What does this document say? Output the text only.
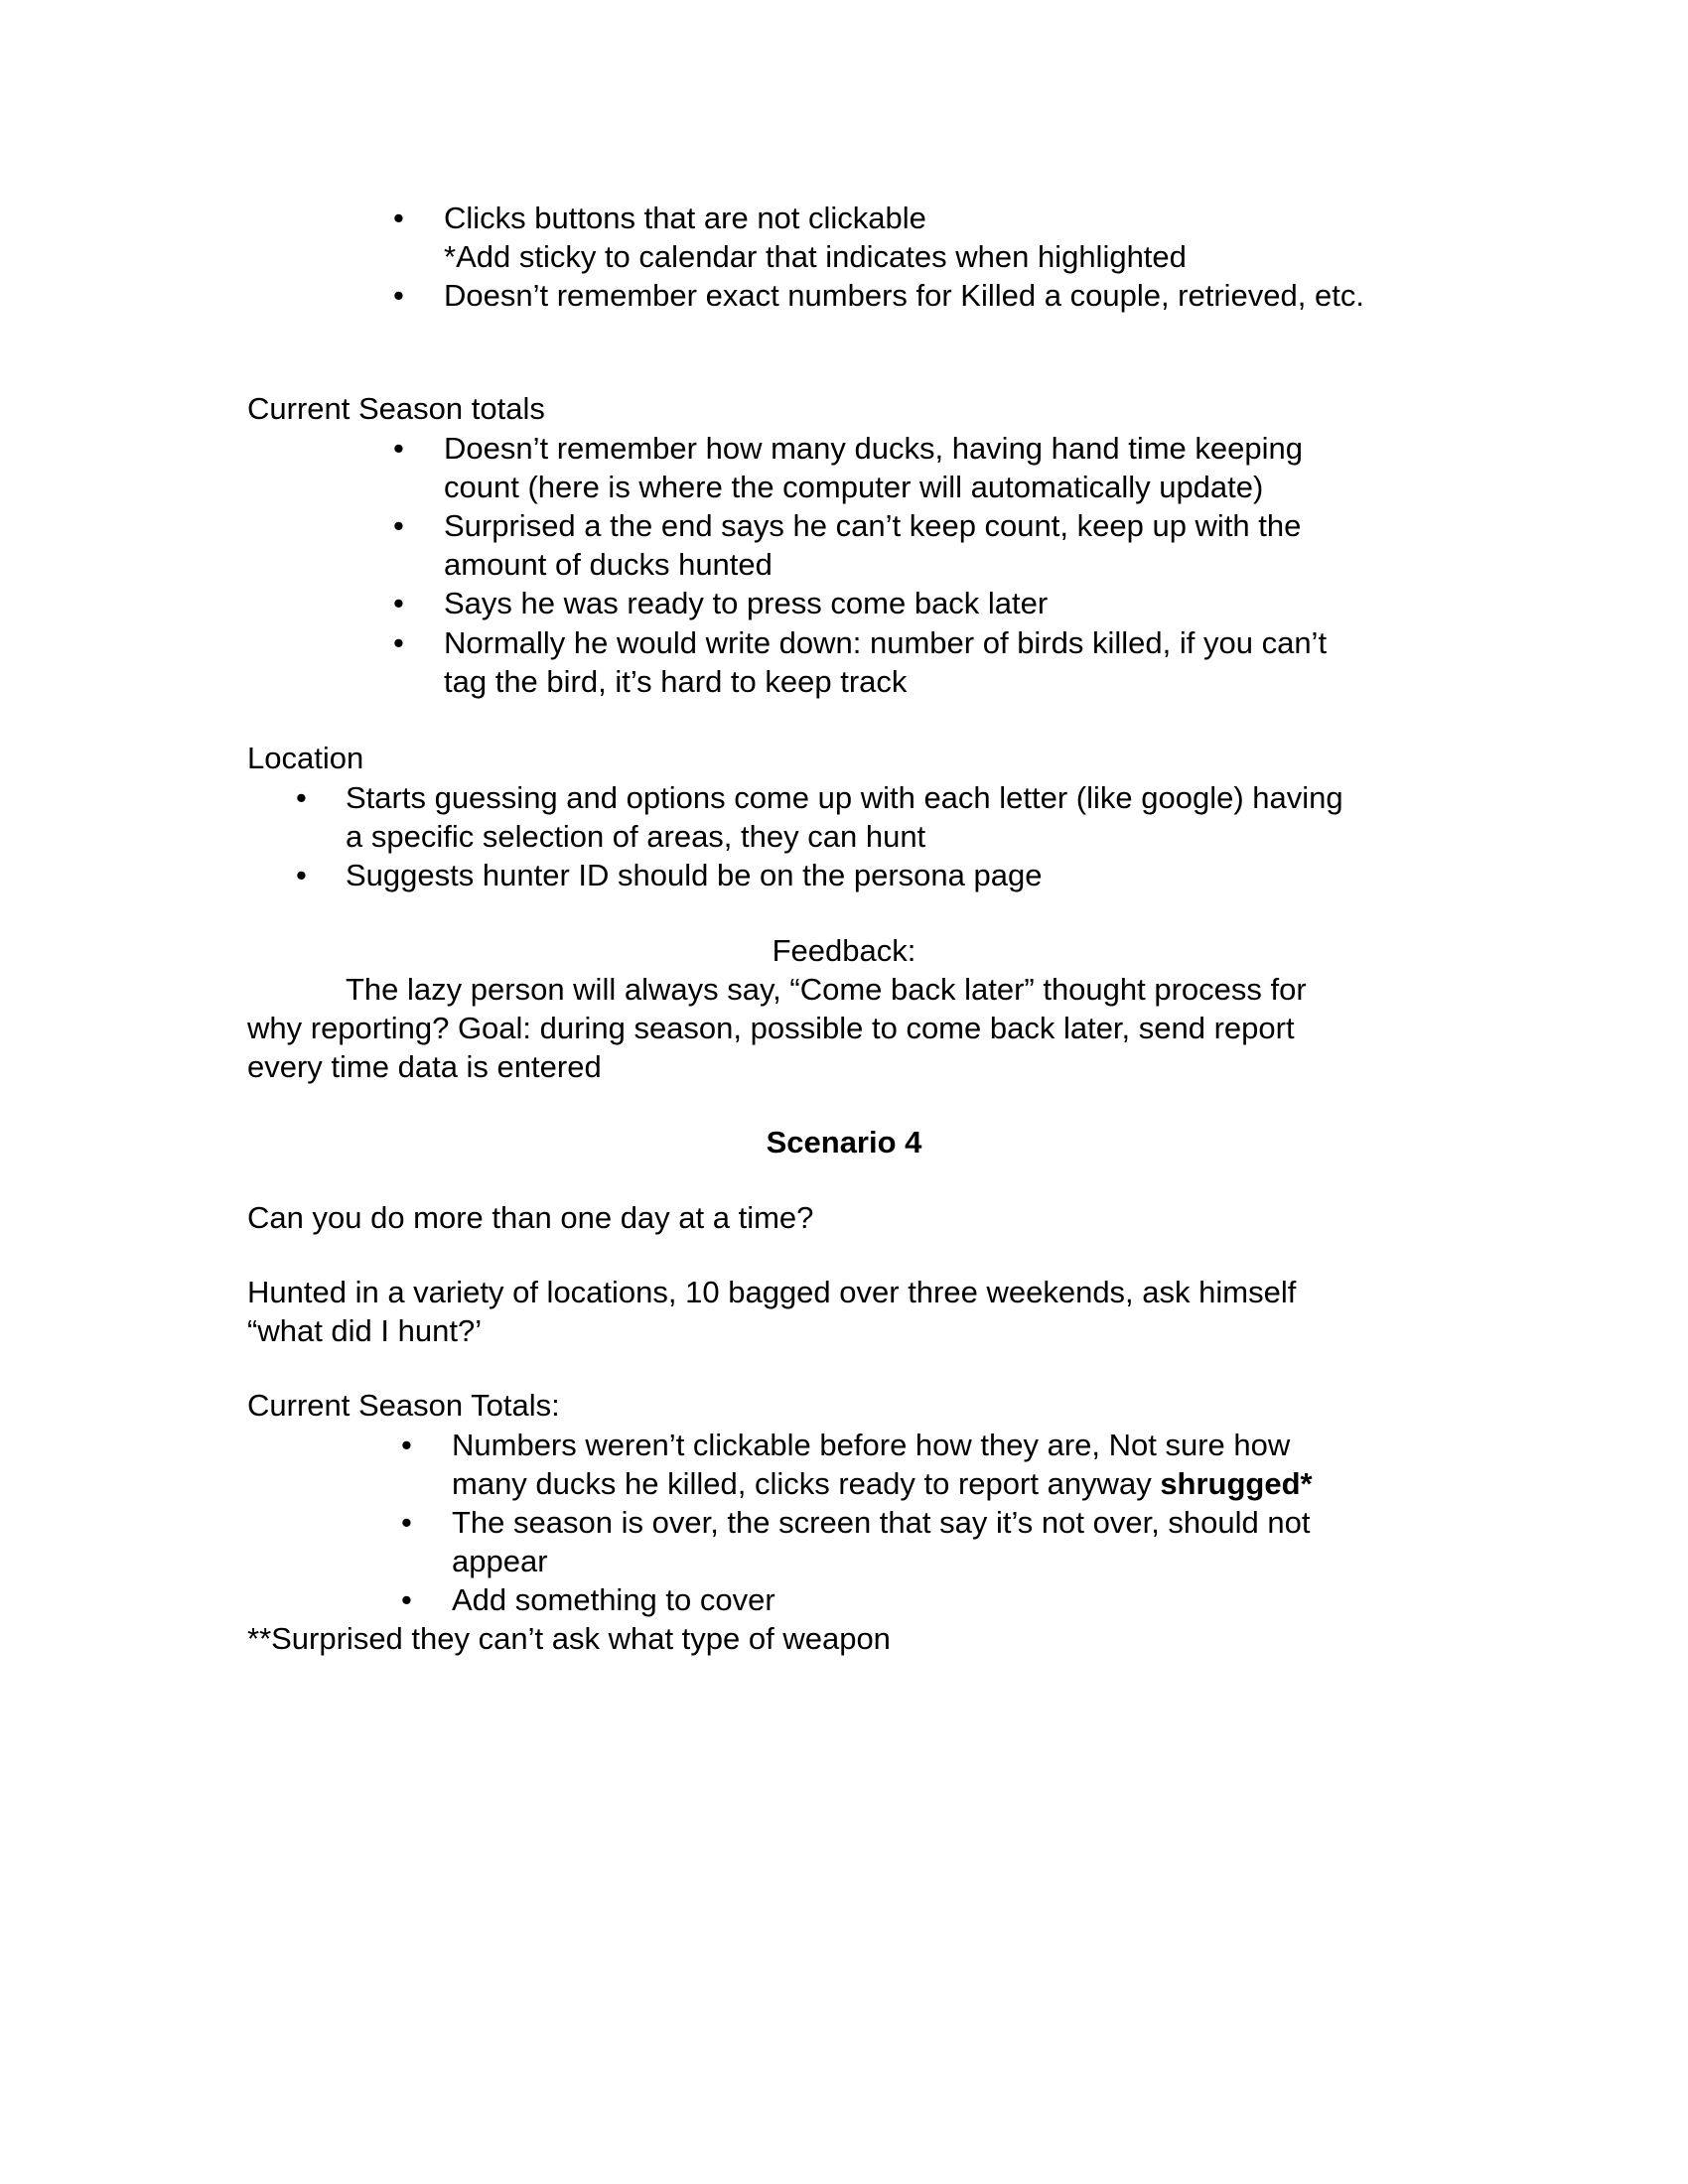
• Clicks buttons that are not clickable
*Add sticky to calendar that indicates when highlighted
• Doesn’t remember exact numbers for Killed a couple, retrieved, etc.
Current Season totals
• Doesn’t remember how many ducks, having hand time keeping
count (here is where the computer will automatically update)
• Surprised a the end says he can’t keep count, keep up with the
amount of ducks hunted
• Says he was ready to press come back later
• Normally he would write down: number of birds killed, if you can’t
tag the bird, it’s hard to keep track
Location
• Starts guessing and options come up with each letter (like google) having
a specific selection of areas, they can hunt
• Suggests hunter ID should be on the persona page
Feedback:
The lazy person will always say, “Come back later” thought process for
why reporting? Goal: during season, possible to come back later, send report
every time data is entered
Scenario 4
Can you do more than one day at a time?
Hunted in a variety of locations, 10 bagged over three weekends, ask himself
“what did I hunt?’
Current Season Totals:
• Numbers weren’t clickable before how they are, Not sure how
many ducks he killed, clicks ready to report anyway shrugged*
• The season is over, the screen that say it’s not over, should not
appear
• Add something to cover
**Surprised they can’t ask what type of weapon
